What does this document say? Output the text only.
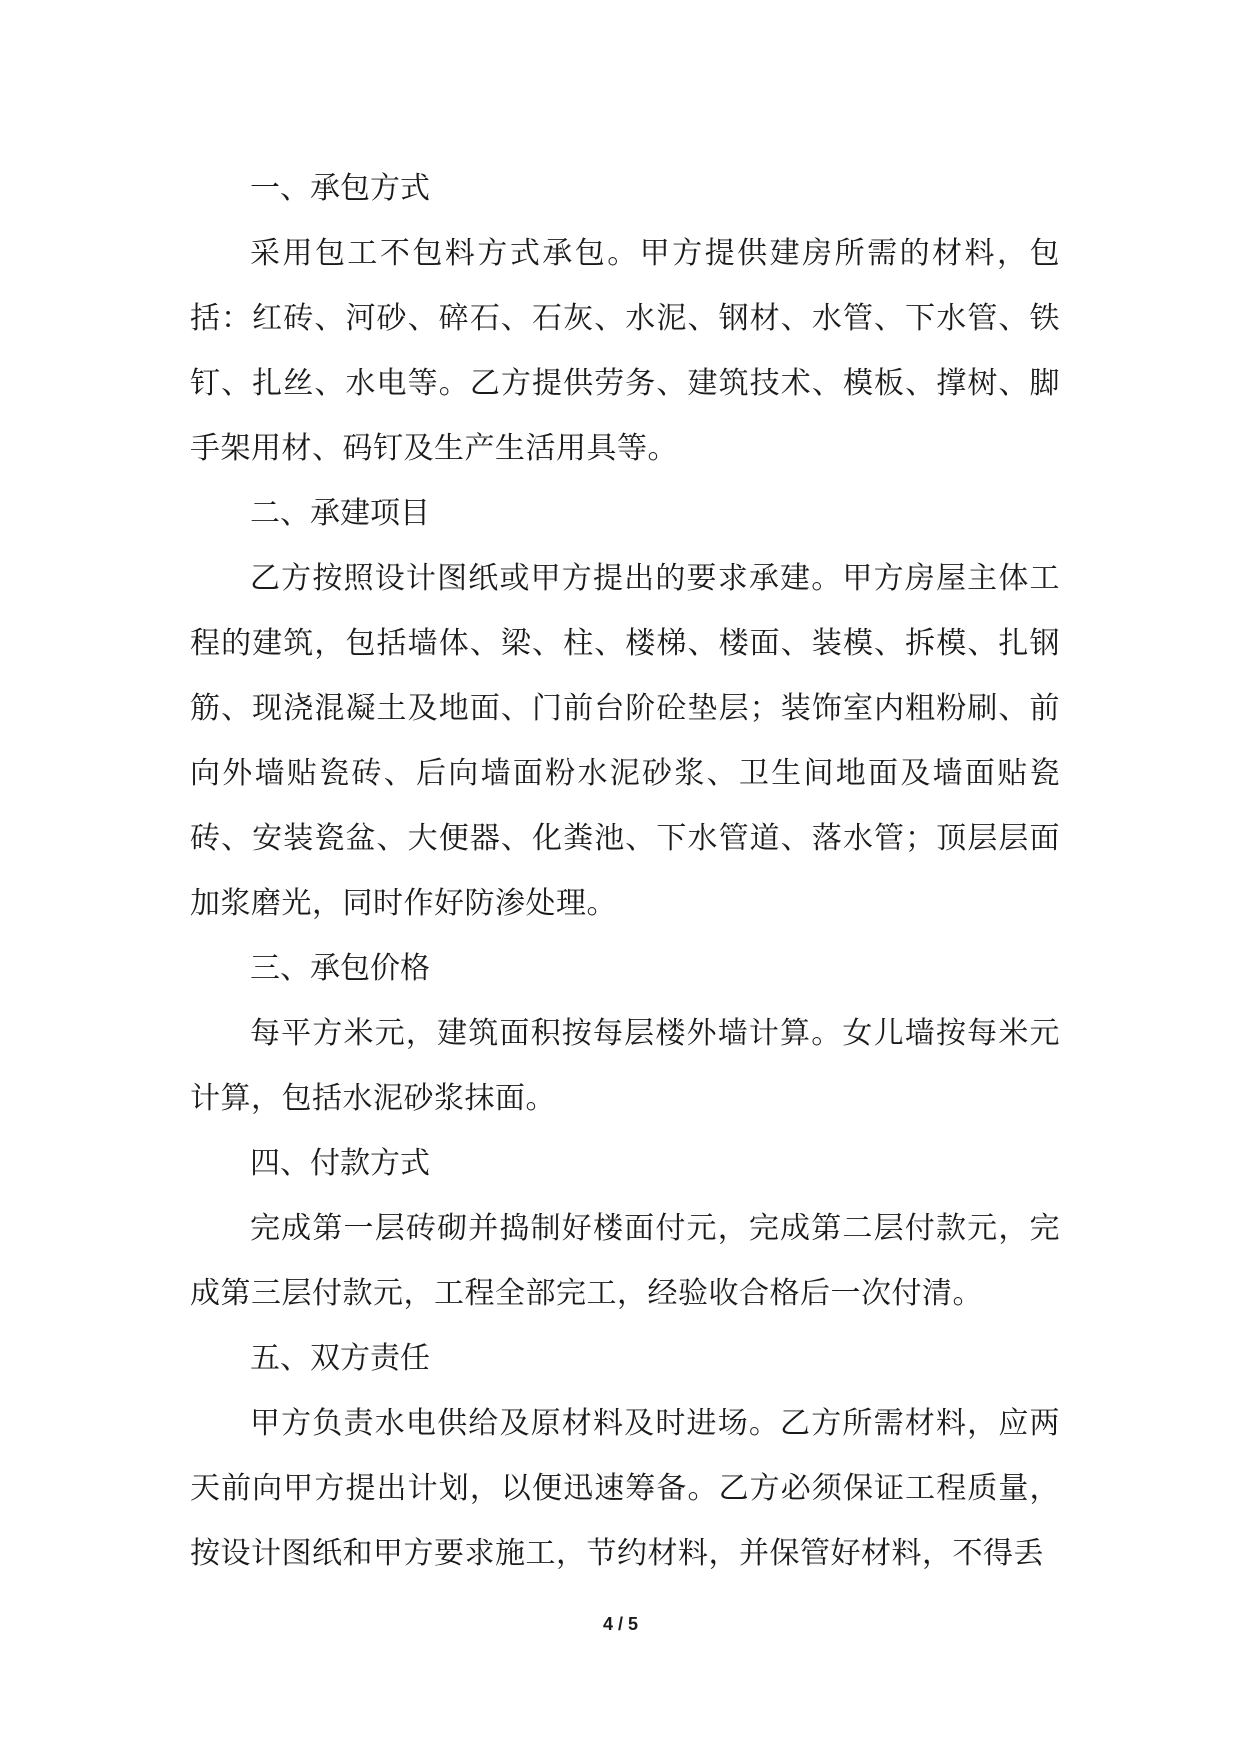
一、承包方式

采用包工不包料方式承包。甲方提供建房所需的材料，包括：红砖、河砂、碎石、石灰、水泥、钢材、水管、下水管、铁钉、扎丝、水电等。乙方提供劳务、建筑技术、模板、撑树、脚手架用材、码钉及生产生活用具等。

二、承建项目

乙方按照设计图纸或甲方提出的要求承建。甲方房屋主体工程的建筑，包括墙体、梁、柱、楼梯、楼面、装模、拆模、扎钢筋、现浇混凝土及地面、门前台阶砼垫层；装饰室内粗粉刷、前向外墙贴瓷砖、后向墙面粉水泥砂浆、卫生间地面及墙面贴瓷砖、安装瓷盆、大便器、化粪池、下水管道、落水管；顶层层面加浆磨光，同时作好防渗处理。

三、承包价格

每平方米元，建筑面积按每层楼外墙计算。女儿墙按每米元计算，包括水泥砂浆抹面。

四、付款方式

完成第一层砖砌并捣制好楼面付元，完成第二层付款元，完成第三层付款元，工程全部完工，经验收合格后一次付清。

五、双方责任

甲方负责水电供给及原材料及时进场。乙方所需材料，应两天前向甲方提出计划，以便迅速筹备。乙方必须保证工程质量，按设计图纸和甲方要求施工，节约材料，并保管好材料，不得丢

4 / 5
